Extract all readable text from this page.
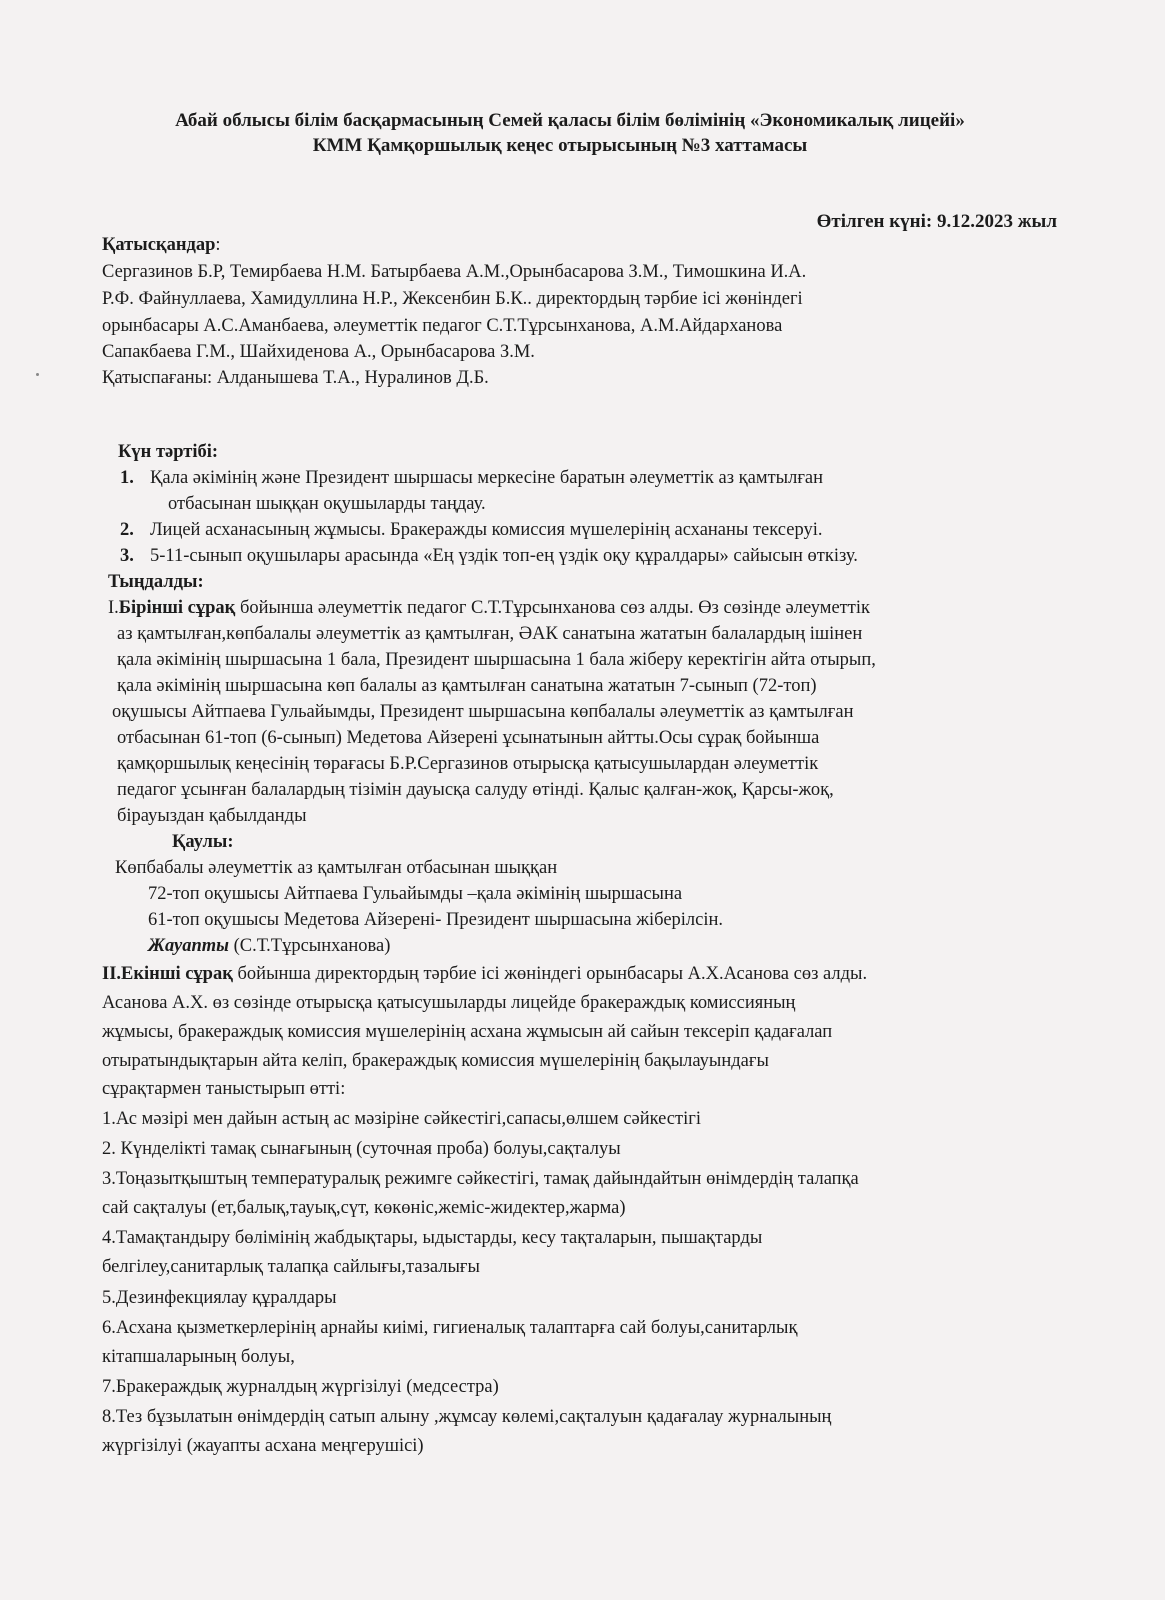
Абай облысы білім басқармасының Семей қаласы білім бөлімінің «Экономикалық лицейі»
КММ Қамқоршылық кеңес отырысының №3 хаттамасы
Өтілген күні: 9.12.2023 жыл
Қатысқандар:
Сергазинов Б.Р, Темирбаева Н.М. Батырбаева А.М.,Орынбасарова З.М., Тимошкина И.А.
Р.Ф. Файнуллаева, Хамидуллина Н.Р., Жексенбин Б.К.. директордың тәрбие ісі жөніндегі
орынбасары А.С.Аманбаева, әлеуметтік педагог С.Т.Тұрсынханова, А.М.Айдарханова
Сапакбаева Г.М., Шайхиденова А., Орынбасарова З.М.
Қатыспағаны: Алданышева Т.А., Нуралинов Д.Б.
Күн тәртібі:
1. Қала әкімінің және Президент шыршасы меркесіне баратын әлеуметтік аз қамтылған
отбасынан шыққан оқушыларды таңдау.
2. Лицей асханасының жұмысы. Бракеражды комиссия мүшелерінің асхананы тексеруі.
3. 5-11-сынып оқушылары арасында «Ең үздік топ-ең үздік оқу құралдары» сайысын өткізу.
Тыңдалды:
I.Бірінші сұрақ бойынша әлеуметтік педагог С.Т.Тұрсынханова сөз алды. Өз сөзінде әлеуметтік
аз қамтылған,көпбалалы әлеуметтік аз қамтылған, ӘАК санатына жататын балалардың ішінен
қала әкімінің шыршасына 1 бала, Президент шыршасына 1 бала жіберу керектігін айта отырып,
қала әкімінің шыршасына көп балалы аз қамтылған санатына жататын 7-сынып (72-топ)
оқушысы Айтпаева Гульайымды, Президент шыршасына көпбалалы әлеуметтік аз қамтылған
отбасынан 61-топ (6-сынып) Медетова Айзерені ұсынатынын айтты.Осы сұрақ бойынша
қамқоршылық кеңесінің төрағасы Б.Р.Сергазинов отырысқа қатысушылардан әлеуметтік
педагог ұсынған балалардың тізімін дауысқа салуду өтінді. Қалыс қалған-жоқ, Қарсы-жоқ,
бірауыздан қабылданды
Қаулы:
Көпбабалы әлеуметтік аз қамтылған отбасынан шыққан
72-топ оқушысы Айтпаева Гульайымды –қала әкімінің шыршасына
61-топ оқушысы Медетова Айзерені- Президент шыршасына жіберілсін.
Жауапты (С.Т.Тұрсынханова)
II.Екінші сұрақ бойынша директордың тәрбие ісі жөніндегі орынбасары А.Х.Асанова сөз алды.
Асанова А.Х. өз сөзінде отырысқа қатысушыларды лицейде бракераждық комиссияның
жұмысы, бракераждық комиссия мүшелерінің асхана жұмысын ай сайын тексеріп қадағалап
отыратындықтарын айта келіп, бракераждық комиссия мүшелерінің бақылауындағы
сұрақтармен таныстырып өтті:
1.Ас мәзірі мен дайын астың ас мәзіріне сәйкестігі,сапасы,өлшем сәйкестігі
2. Күнделікті тамақ сынағының (суточная проба) болуы,сақталуы
3.Тоңазытқыштың температуралық режимге сәйкестігі, тамақ дайындайтын өнімдердің талапқа
сай сақталуы (ет,балық,тауық,сүт, көкөніс,жеміс-жидектер,жарма)
4.Тамақтандыру бөлімінің жабдықтары, ыдыстарды, кесу тақталарын, пышақтарды
белгілеу,санитарлық талапқа сайлығы,тазалығы
5.Дезинфекциялау құралдары
6.Асхана қызметкерлерінің арнайы киімі, гигиеналық талаптарға сай болуы,санитарлық
кітапшаларының болуы,
7.Бракераждық журналдың жүргізілуі (медсестра)
8.Тез бұзылатын өнімдердің сатып алыну ,жұмсау көлемі,сақталуын қадағалау журналының
жүргізілуі (жауапты асхана меңгерушісі)
